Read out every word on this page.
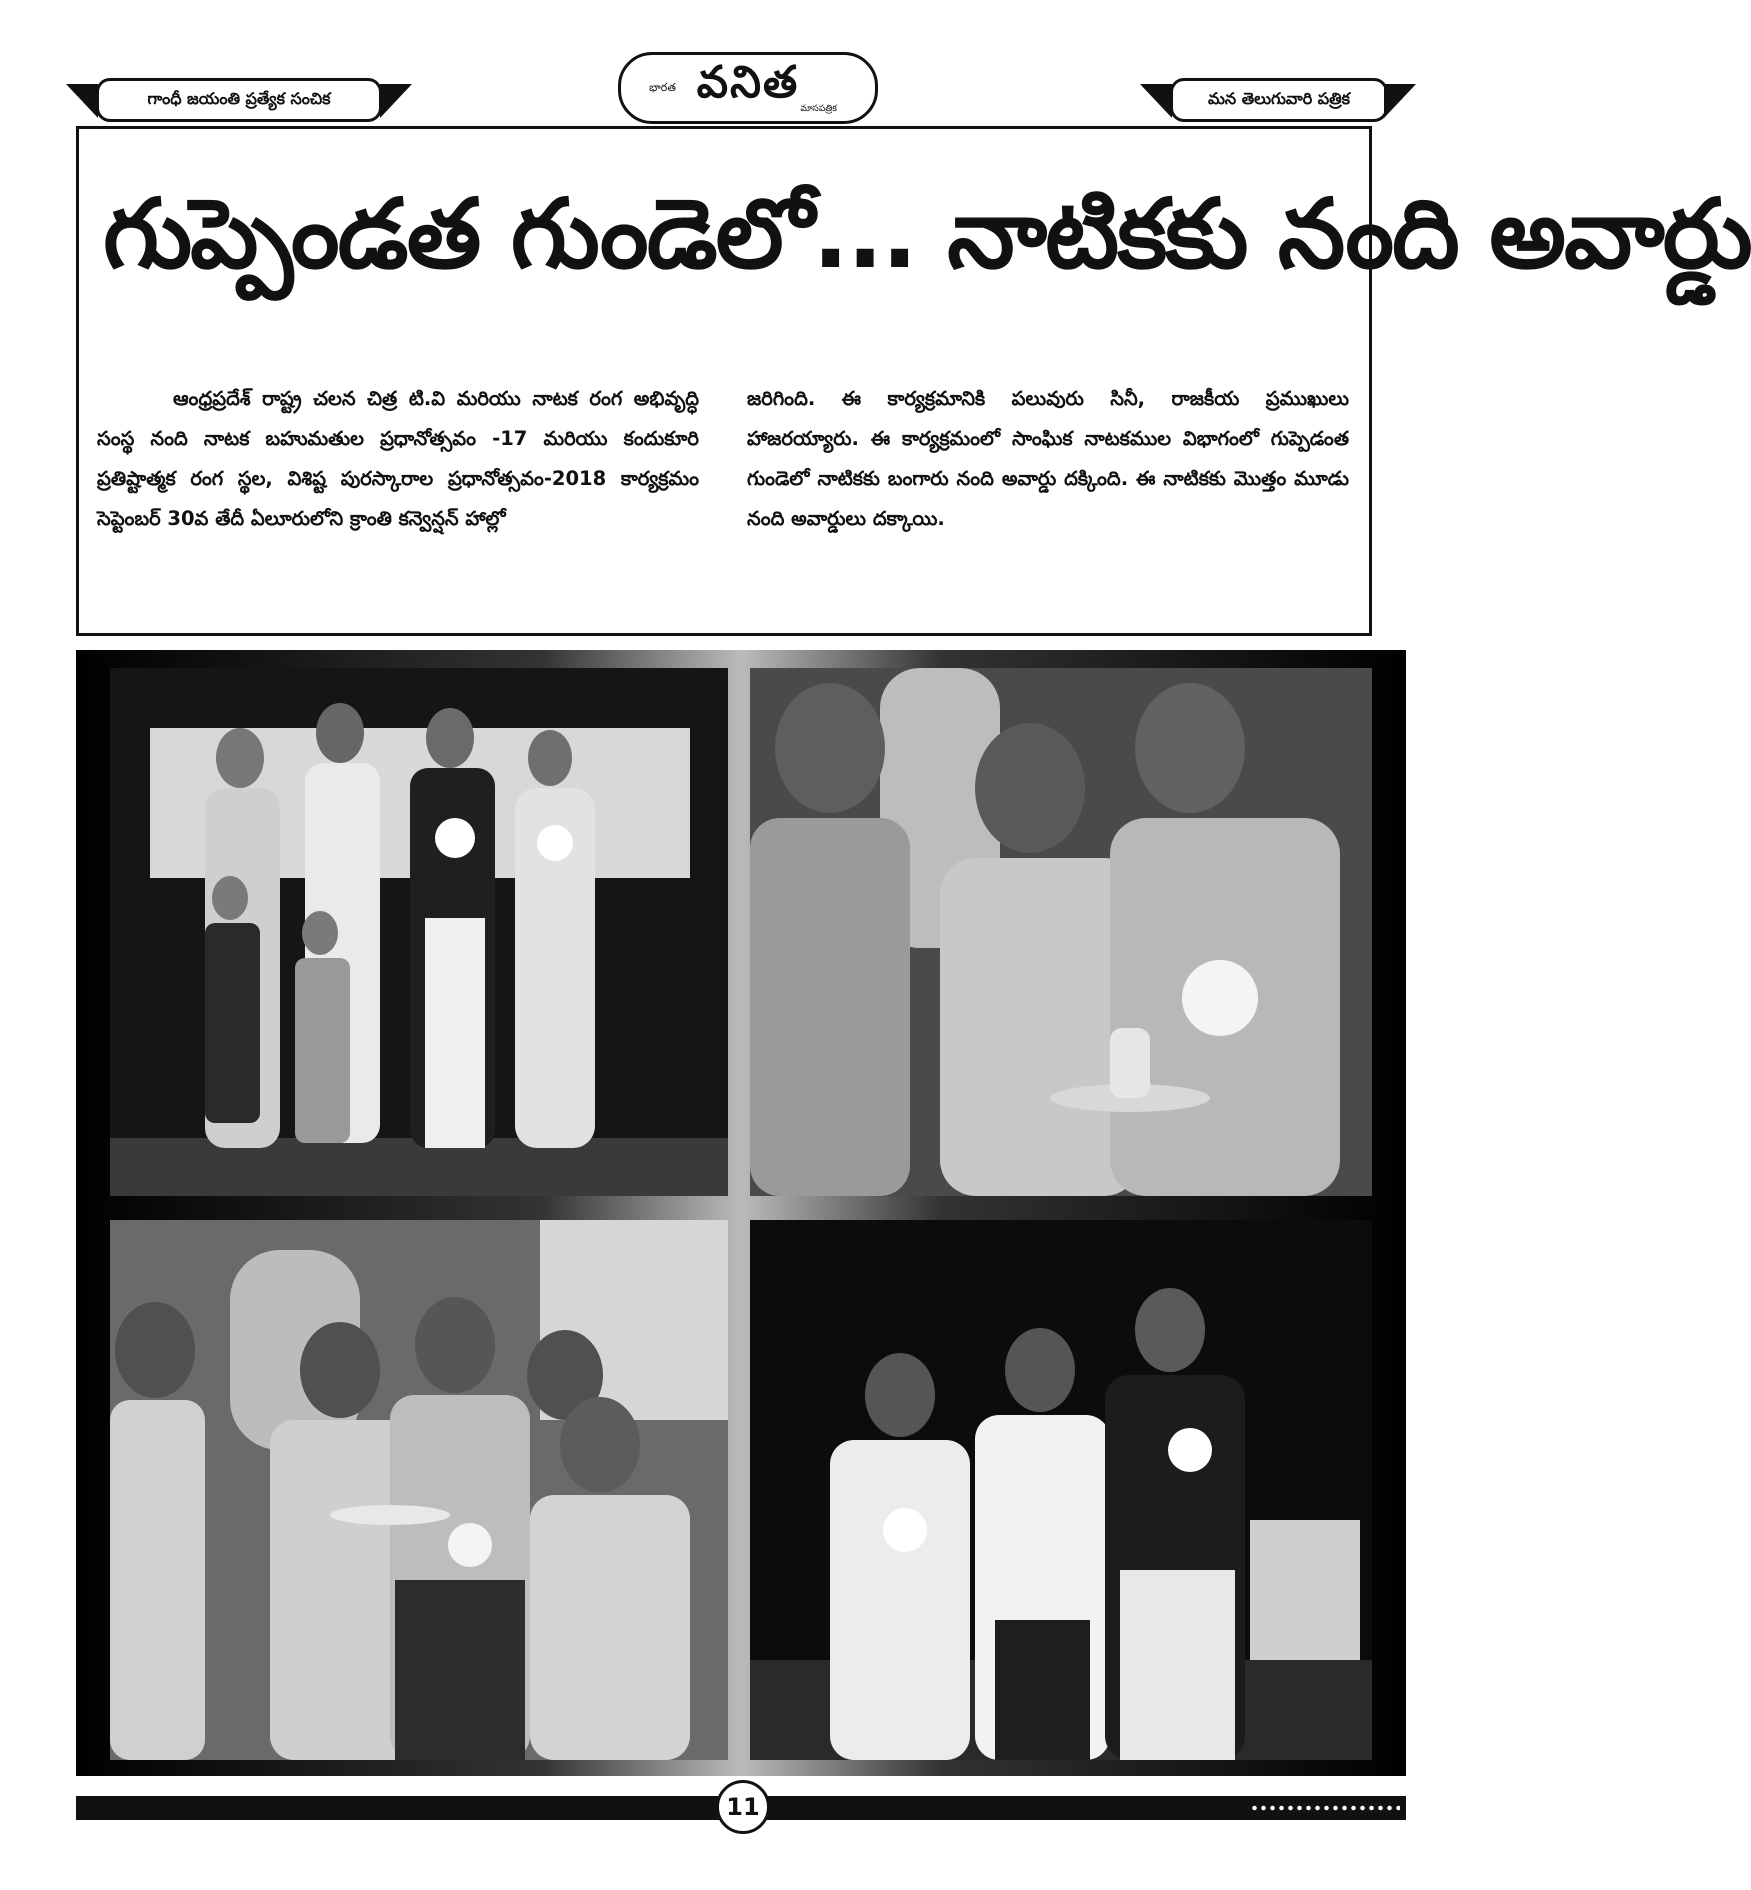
గాంధీ జయంతి ప్రత్యేక సంచిక
భారత వనిత
మాసపత్రిక
మన తెలుగువారి పత్రిక
గుప్పెండత గుండెలో... నాటికకు నంది అవార్డు
ఆంధ్రప్రదేశ్ రాష్ట్ర చలన చిత్ర టి.వి మరియు నాటక రంగ అభివృద్ధి సంస్థ నంది నాటక బహుమతుల ప్రధానోత్సవం -17 మరియు కందుకూరి ప్రతిష్టాత్మక రంగ స్థల, విశిష్ట పురస్కారాల ప్రధానోత్సవం-2018 కార్యక్రమం సెప్టెంబర్ 30వ తేదీ ఏలూరులోని క్రాంతి కన్వెన్షన్ హాల్లో
జరిగింది. ఈ కార్యక్రమానికి పలువురు సినీ, రాజకీయ ప్రముఖులు హాజరయ్యారు. ఈ కార్యక్రమంలో సాంఘిక నాటకముల విభాగంలో గుప్పెడంత గుండెలో నాటికకు బంగారు నంది అవార్డు దక్కింది. ఈ నాటికకు మొత్తం మూడు నంది అవార్డులు దక్కాయి.
11
